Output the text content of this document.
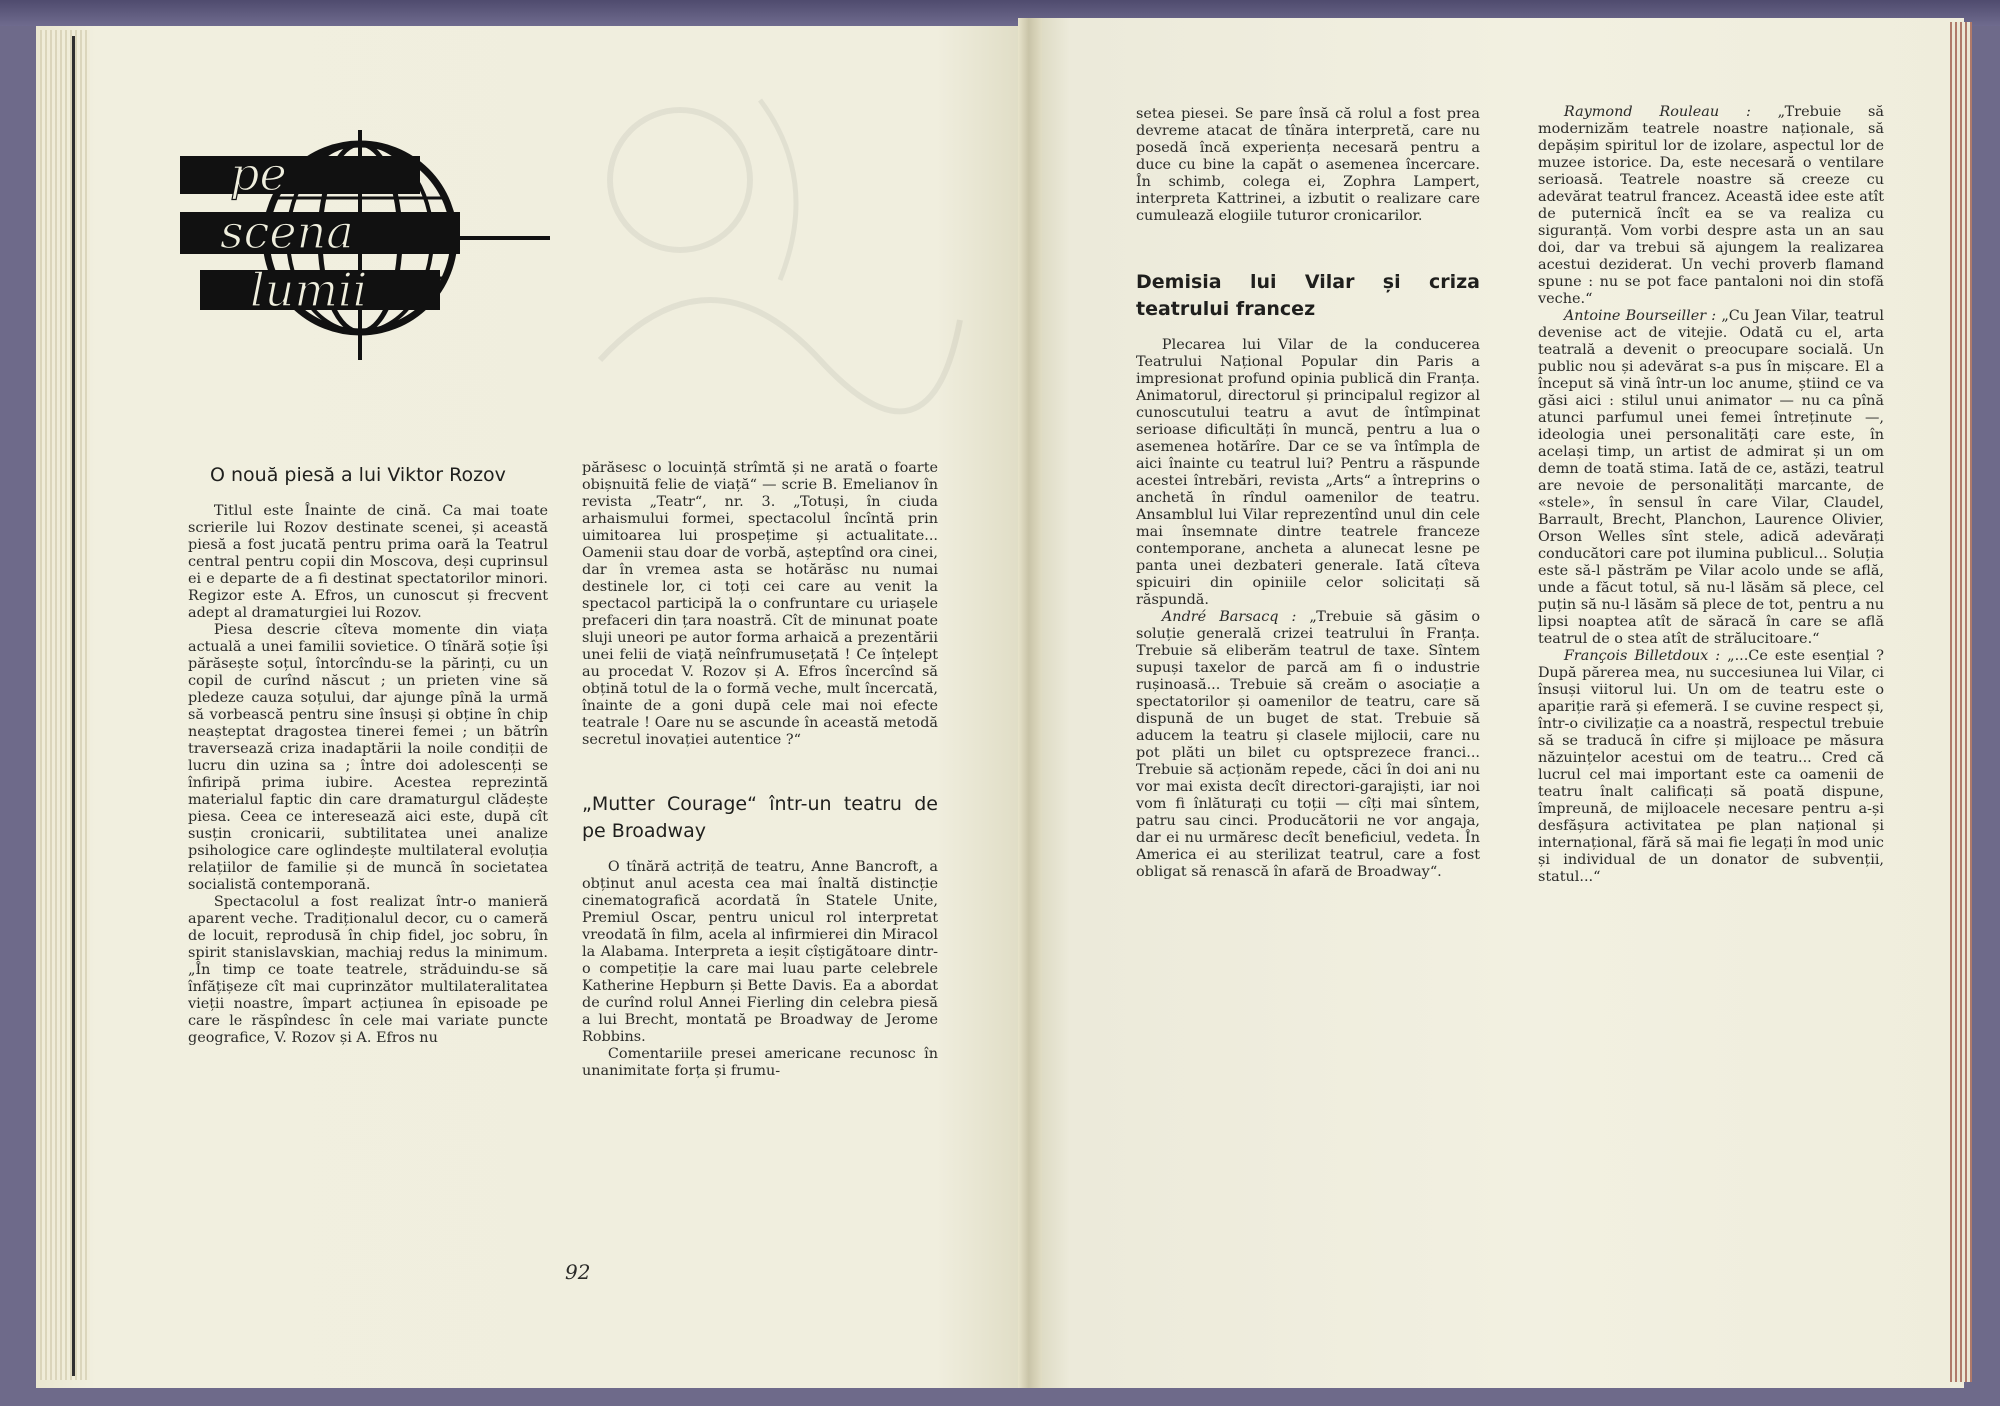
pe
scena
lumii
O nouă piesă a lui Viktor Rozov

Titlul este Înainte de cină. Ca mai toate scrierile lui Rozov destinate scenei, și această piesă a fost jucată pentru prima oară la Teatrul central pentru copii din Moscova, deși cuprinsul ei e departe de a fi destinat spectatorilor minori. Regizor este A. Efros, un cunoscut și frecvent adept al dramaturgiei lui Rozov.

Piesa descrie cîteva momente din viața actuală a unei familii sovietice. O tînără soție își părăsește soțul, întorcîndu-se la părinți, cu un copil de curînd născut ; un prieten vine să pledeze cauza soțului, dar ajunge pînă la urmă să vorbească pentru sine însuși și obține în chip neașteptat dragostea tinerei femei ; un bătrîn traversează criza inadaptării la noile condiții de lucru din uzina sa ; între doi adolescenți se înfiripă prima iubire. Acestea reprezintă materialul faptic din care dramaturgul clădește piesa. Ceea ce interesează aici este, după cît susțin cronicarii, subtilitatea unei analize psihologice care oglindește multilateral evoluția relațiilor de familie și de muncă în societatea socialistă contemporană.

Spectacolul a fost realizat într-o manieră aparent veche. Tradiționalul decor, cu o cameră de locuit, reprodusă în chip fidel, joc sobru, în spirit stanislavskian, machiaj redus la minimum. „În timp ce toate teatrele, străduindu-se să înfățișeze cît mai cuprinzător multilateralitatea vieții noastre, împart acțiunea în episoade pe care le răspîndesc în cele mai variate puncte geografice, V. Rozov și A. Efros nu

părăsesc o locuință strîmtă și ne arată o foarte obișnuită felie de viață“ — scrie B. Emelianov în revista „Teatr“, nr. 3. „Totuși, în ciuda arhaismului formei, spectacolul încîntă prin uimitoarea lui prospețime și actualitate... Oamenii stau doar de vorbă, așteptînd ora cinei, dar în vremea asta se hotărăsc nu numai destinele lor, ci toți cei care au venit la spectacol participă la o confruntare cu uriașele prefaceri din țara noastră. Cît de minunat poate sluji uneori pe autor forma arhaică a prezentării unei felii de viață neînfrumusețată ! Ce înțelept au procedat V. Rozov și A. Efros încercînd să obțină totul de la o formă veche, mult încercată, înainte de a goni după cele mai noi efecte teatrale ! Oare nu se ascunde în această metodă secretul inovației autentice ?“

„Mutter Courage“ într-un teatru de pe Broadway

O tînără actriță de teatru, Anne Bancroft, a obținut anul acesta cea mai înaltă distincție cinematografică acordată în Statele Unite, Premiul Oscar, pentru unicul rol interpretat vreodată în film, acela al infirmierei din Miracol la Alabama. Interpreta a ieșit cîștigătoare dintr-o competiție la care mai luau parte celebrele Katherine Hepburn și Bette Davis. Ea a abordat de curînd rolul Annei Fierling din celebra piesă a lui Brecht, montată pe Broadway de Jerome Robbins.

Comentariile presei americane recunosc în unanimitate forța și frumu-

92

setea piesei. Se pare însă că rolul a fost prea devreme atacat de tînăra interpretă, care nu posedă încă experiența necesară pentru a duce cu bine la capăt o asemenea încercare. În schimb, colega ei, Zophra Lampert, interpreta Kattrinei, a izbutit o realizare care cumulează elogiile tuturor cronicarilor.

Demisia lui Vilar și criza teatrului francez

Plecarea lui Vilar de la conducerea Teatrului Național Popular din Paris a impresionat profund opinia publică din Franța. Animatorul, directorul și principalul regizor al cunoscutului teatru a avut de întîmpinat serioase dificultăți în muncă, pentru a lua o asemenea hotărîre. Dar ce se va întîmpla de aici înainte cu teatrul lui? Pentru a răspunde acestei întrebări, revista „Arts“ a întreprins o anchetă în rîndul oamenilor de teatru. Ansamblul lui Vilar reprezentînd unul din cele mai însemnate dintre teatrele franceze contemporane, ancheta a alunecat lesne pe panta unei dezbateri generale. Iată cîteva spicuiri din opiniile celor solicitați să răspundă.

André Barsacq : „Trebuie să găsim o soluție generală crizei teatrului în Franța. Trebuie să eliberăm teatrul de taxe. Sîntem supuși taxelor de parcă am fi o industrie rușinoasă... Trebuie să creăm o asociație a spectatorilor și oamenilor de teatru, care să dispună de un buget de stat. Trebuie să aducem la teatru și clasele mijlocii, care nu pot plăti un bilet cu optsprezece franci... Trebuie să acționăm repede, căci în doi ani nu vor mai exista decît directori-garajiști, iar noi vom fi înlăturați cu toții — cîți mai sîntem, patru sau cinci. Producătorii ne vor angaja, dar ei nu urmăresc decît beneficiul, vedeta. În America ei au sterilizat teatrul, care a fost obligat să renască în afară de Broadway“.

Raymond Rouleau : „Trebuie să modernizăm teatrele noastre naționale, să depășim spiritul lor de izolare, aspectul lor de muzee istorice. Da, este necesară o ventilare serioasă. Teatrele noastre să creeze cu adevărat teatrul francez. Această idee este atît de puternică încît ea se va realiza cu siguranță. Vom vorbi despre asta un an sau doi, dar va trebui să ajungem la realizarea acestui deziderat. Un vechi proverb flamand spune : nu se pot face pantaloni noi din stofă veche.“

Antoine Bourseiller : „Cu Jean Vilar, teatrul devenise act de vitejie. Odată cu el, arta teatrală a devenit o preocupare socială. Un public nou și adevărat s-a pus în mișcare. El a început să vină într-un loc anume, știind ce va găsi aici : stilul unui animator — nu ca pînă atunci parfumul unei femei întreținute —, ideologia unei personalități care este, în același timp, un artist de admirat și un om demn de toată stima. Iată de ce, astăzi, teatrul are nevoie de personalități marcante, de «stele», în sensul în care Vilar, Claudel, Barrault, Brecht, Planchon, Laurence Olivier, Orson Welles sînt stele, adică adevărați conducători care pot ilumina publicul... Soluția este să-l păstrăm pe Vilar acolo unde se află, unde a făcut totul, să nu-l lăsăm să plece, cel puțin să nu-l lăsăm să plece de tot, pentru a nu lipsi noaptea atît de săracă în care se află teatrul de o stea atît de strălucitoare.“

François Billetdoux : „...Ce este esențial ? După părerea mea, nu succesiunea lui Vilar, ci însuși viitorul lui. Un om de teatru este o apariție rară și efemeră. I se cuvine respect și, într-o civilizație ca a noastră, respectul trebuie să se traducă în cifre și mijloace pe măsura năzuințelor acestui om de teatru... Cred că lucrul cel mai important este ca oamenii de teatru înalt calificați să poată dispune, împreună, de mijloacele necesare pentru a-și desfășura activitatea pe plan național și internațional, fără să mai fie legați în mod unic și individual de un donator de subvenții, statul...“
